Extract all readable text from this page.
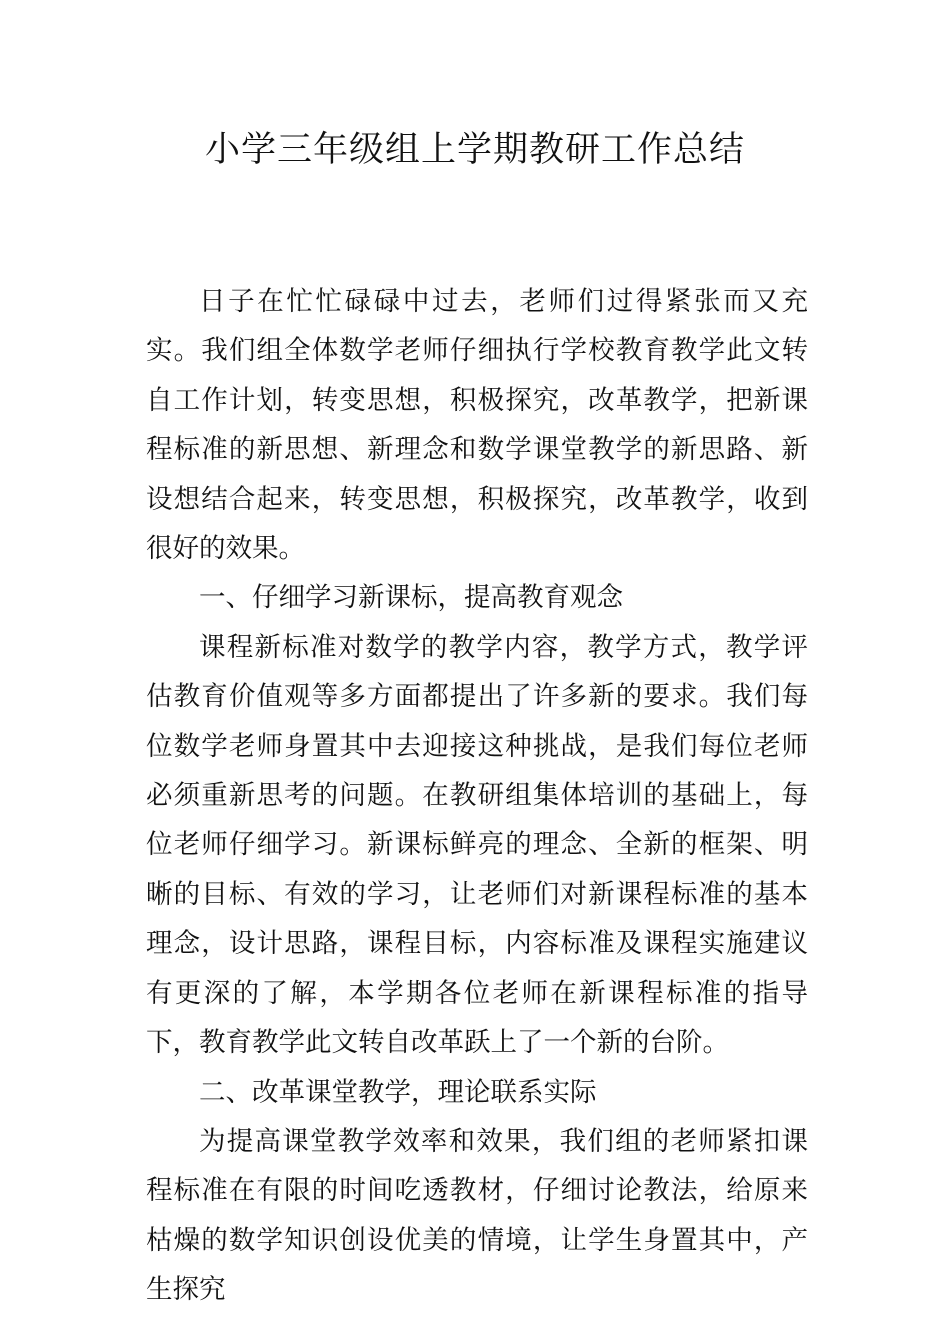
小学三年级组上学期教研工作总结

日子在忙忙碌碌中过去，老师们过得紧张而又充实。我们组全体数学老师仔细执行学校教育教学此文转自工作计划，转变思想，积极探究，改革教学，把新课程标准的新思想、新理念和数学课堂教学的新思路、新设想结合起来，转变思想，积极探究，改革教学，收到很好的效果。

一、仔细学习新课标，提高教育观念

课程新标准对数学的教学内容，教学方式，教学评估教育价值观等多方面都提出了许多新的要求。我们每位数学老师身置其中去迎接这种挑战，是我们每位老师必须重新思考的问题。在教研组集体培训的基础上，每位老师仔细学习。新课标鲜亮的理念、全新的框架、明晰的目标、有效的学习，让老师们对新课程标准的基本理念，设计思路，课程目标，内容标准及课程实施建议有更深的了解，本学期各位老师在新课程标准的指导下，教育教学此文转自改革跃上了一个新的台阶。

二、改革课堂教学，理论联系实际

为提高课堂教学效率和效果，我们组的老师紧扣课程标准在有限的时间吃透教材，仔细讨论教法，给原来枯燥的数学知识创设优美的情境，让学生身置其中，产生探究
